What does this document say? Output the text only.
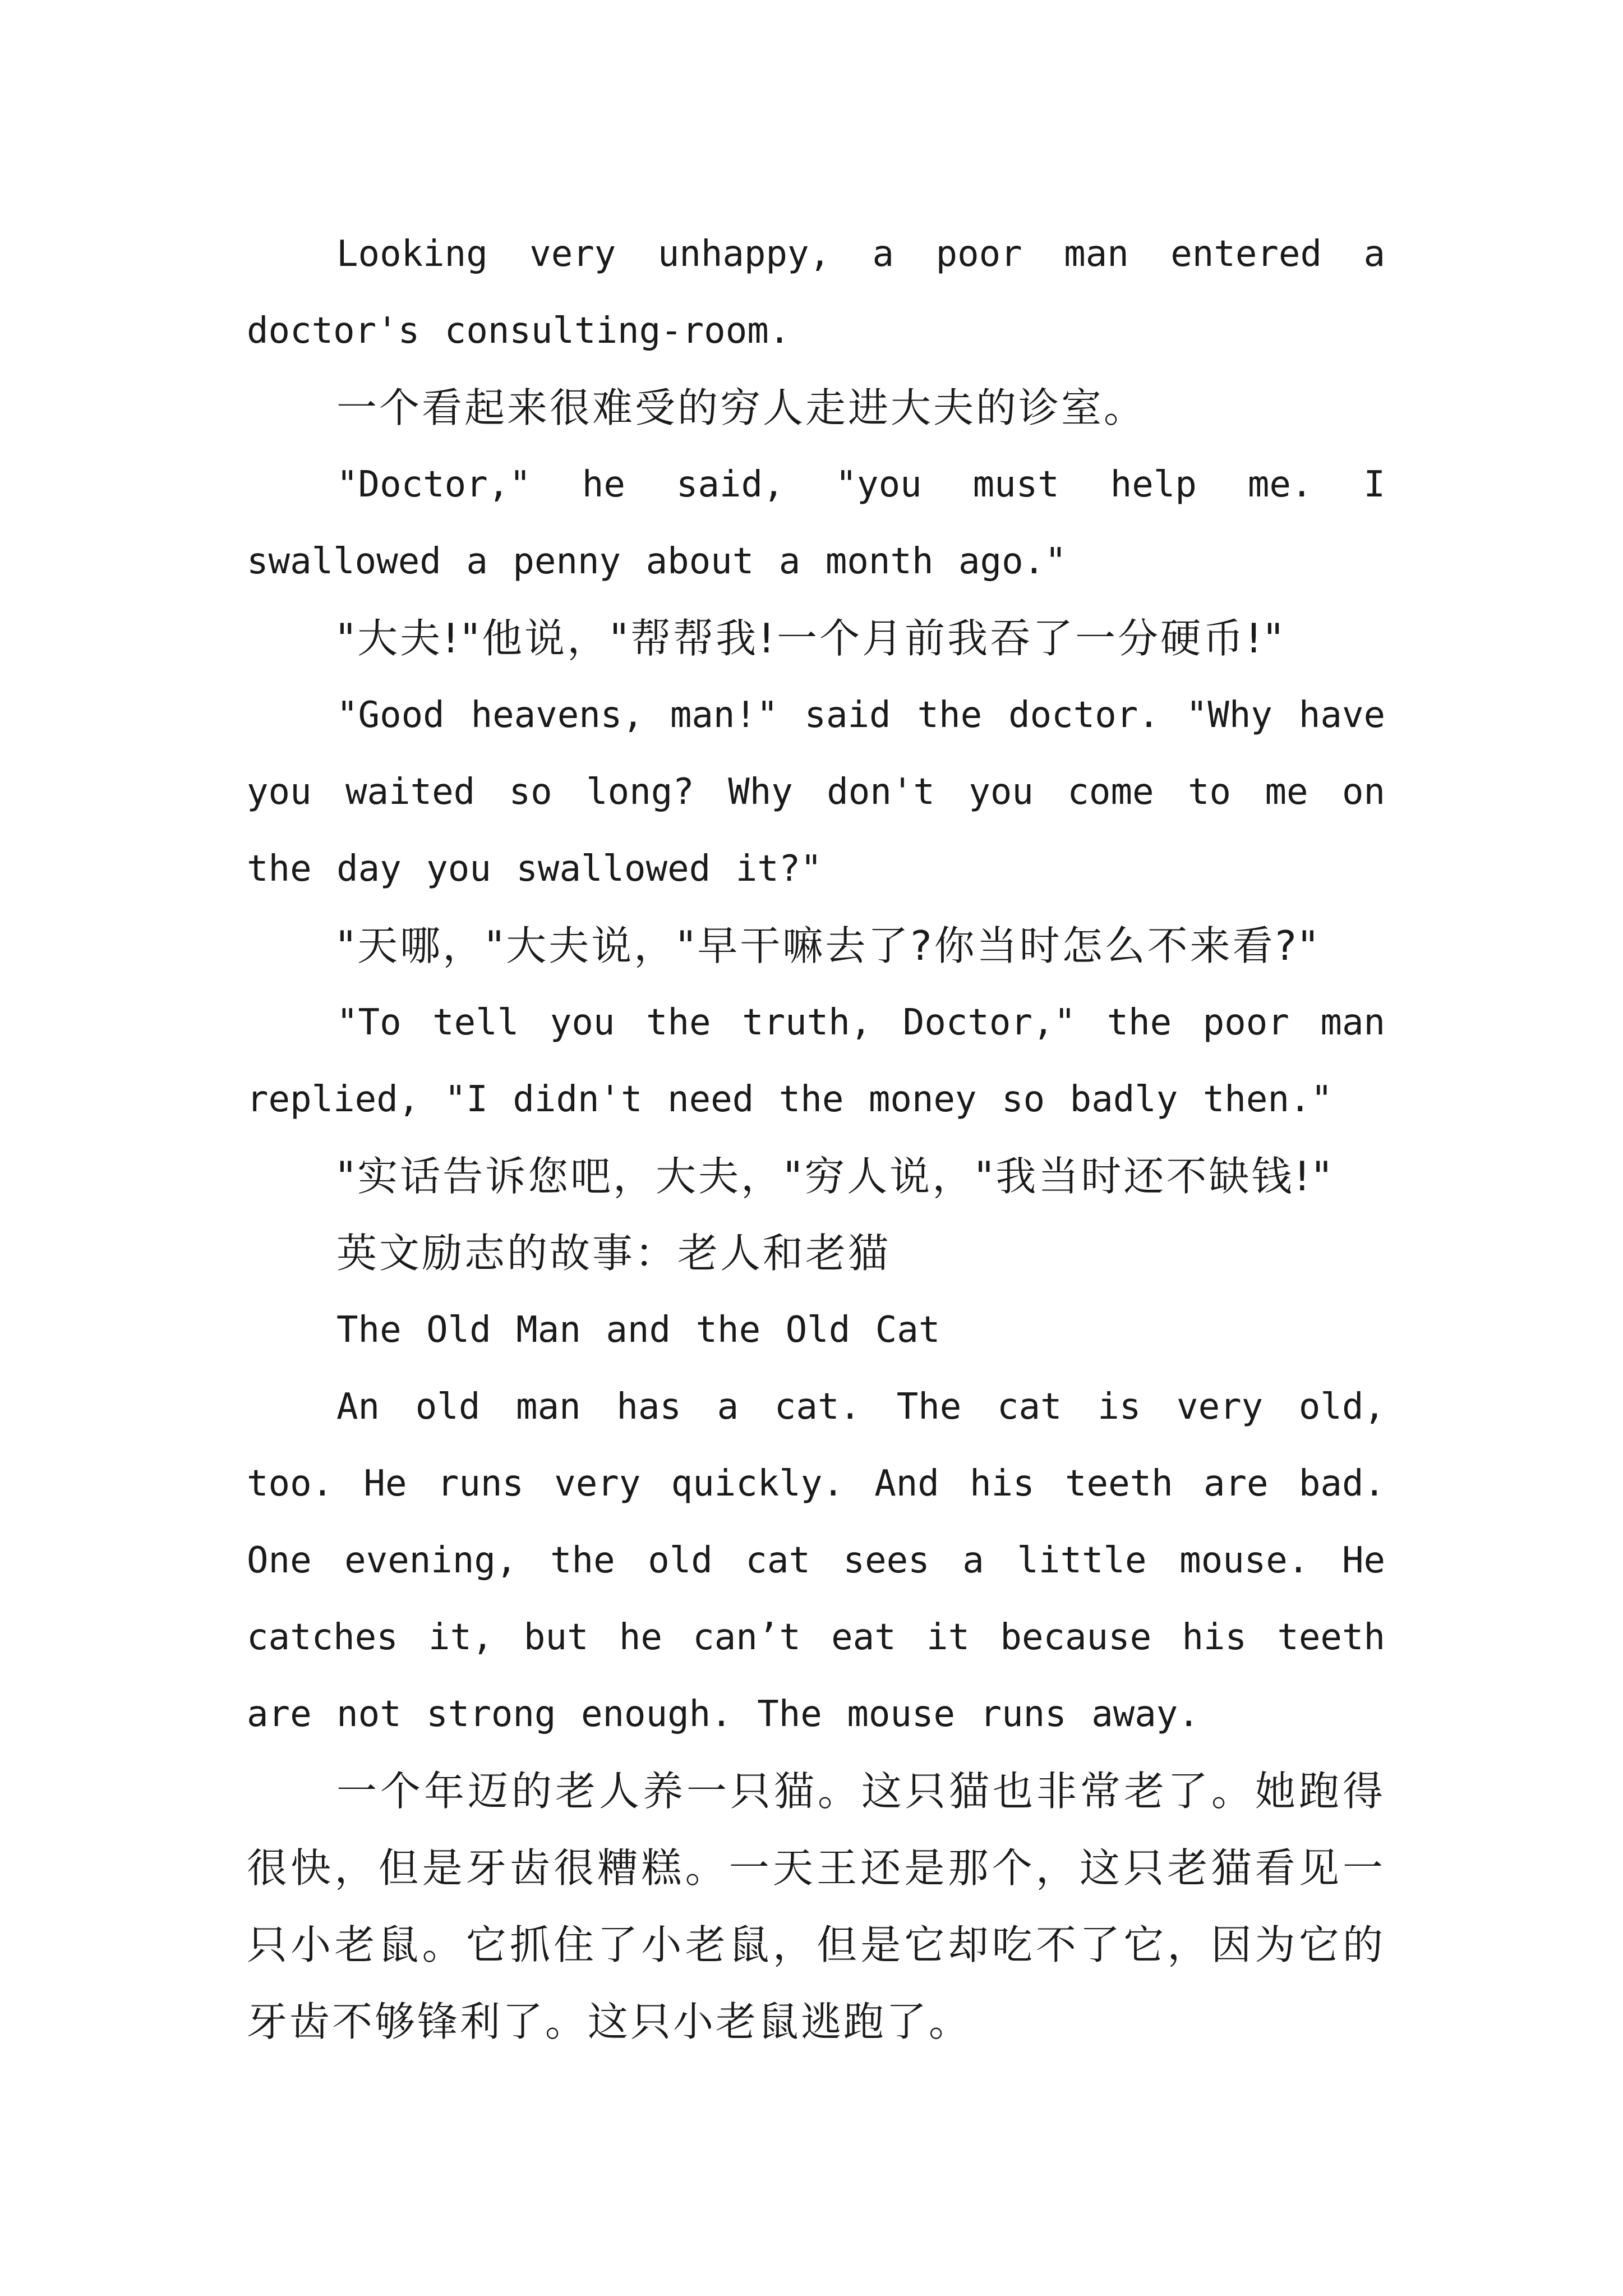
Looking very unhappy, a poor man entered a doctor's consulting-room.

一个看起来很难受的穷人走进大夫的诊室。

"Doctor," he said, "you must help me. I swallowed a penny about a month ago."

"大夫!"他说，"帮帮我!一个月前我吞了一分硬币!"

"Good heavens, man!" said the doctor. "Why have you waited so long? Why don't you come to me on the day you swallowed it?"

"天哪，"大夫说，"早干嘛去了?你当时怎么不来看?"

"To tell you the truth, Doctor," the poor man replied, "I didn't need the money so badly then."

"实话告诉您吧，大夫，"穷人说，"我当时还不缺钱!"

英文励志的故事：老人和老猫

The Old Man and the Old Cat

An old man has a cat. The cat is very old, too. He runs very quickly. And his teeth are bad. One evening, the old cat sees a little mouse. He catches it, but he can’t eat it because his teeth are not strong enough. The mouse runs away.

一个年迈的老人养一只猫。这只猫也非常老了。她跑得很快，但是牙齿很糟糕。一天王还是那个，这只老猫看见一只小老鼠。它抓住了小老鼠，但是它却吃不了它，因为它的牙齿不够锋利了。这只小老鼠逃跑了。
